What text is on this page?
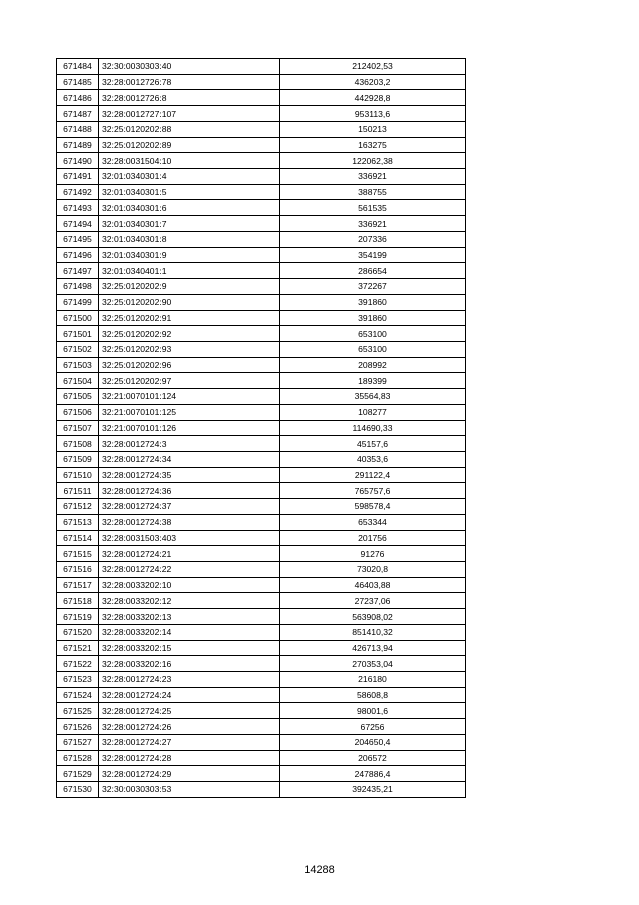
671484	32:30:0030303:40	212402,53
671485	32:28:0012726:78	436203,2
671486	32:28:0012726:8	442928,8
671487	32:28:0012727:107	953113,6
671488	32:25:0120202:88	150213
671489	32:25:0120202:89	163275
671490	32:28:0031504:10	122062,38
671491	32:01:0340301:4	336921
671492	32:01:0340301:5	388755
671493	32:01:0340301:6	561535
671494	32:01:0340301:7	336921
671495	32:01:0340301:8	207336
671496	32:01:0340301:9	354199
671497	32:01:0340401:1	286654
671498	32:25:0120202:9	372267
671499	32:25:0120202:90	391860
671500	32:25:0120202:91	391860
671501	32:25:0120202:92	653100
671502	32:25:0120202:93	653100
671503	32:25:0120202:96	208992
671504	32:25:0120202:97	189399
671505	32:21:0070101:124	35564,83
671506	32:21:0070101:125	108277
671507	32:21:0070101:126	114690,33
671508	32:28:0012724:3	45157,6
671509	32:28:0012724:34	40353,6
671510	32:28:0012724:35	291122,4
671511	32:28:0012724:36	765757,6
671512	32:28:0012724:37	598578,4
671513	32:28:0012724:38	653344
671514	32:28:0031503:403	201756
671515	32:28:0012724:21	91276
671516	32:28:0012724:22	73020,8
671517	32:28:0033202:10	46403,88
671518	32:28:0033202:12	27237,06
671519	32:28:0033202:13	563908,02
671520	32:28:0033202:14	851410,32
671521	32:28:0033202:15	426713,94
671522	32:28:0033202:16	270353,04
671523	32:28:0012724:23	216180
671524	32:28:0012724:24	58608,8
671525	32:28:0012724:25	98001,6
671526	32:28:0012724:26	67256
671527	32:28:0012724:27	204650,4
671528	32:28:0012724:28	206572
671529	32:28:0012724:29	247886,4
671530	32:30:0030303:53	392435,21
14288
